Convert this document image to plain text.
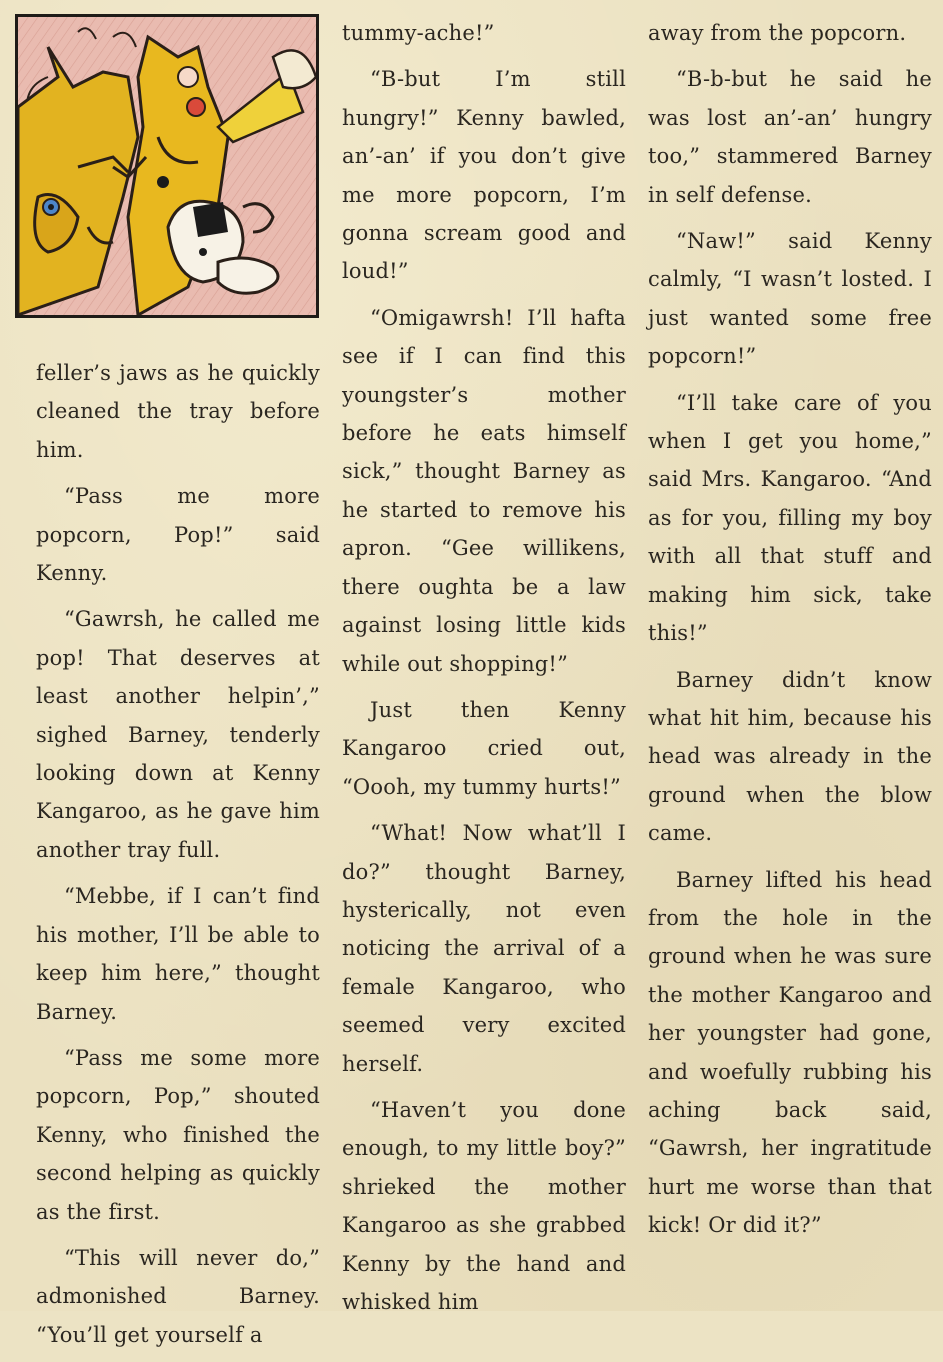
feller’s jaws as he quickly cleaned the tray before him.

“Pass me more popcorn, Pop!” said Kenny.

“Gawrsh, he called me pop! That deserves at least another helpin’,” sighed Barney, tenderly looking down at Kenny Kangaroo, as he gave him another tray full.

“Mebbe, if I can’t find his mother, I’ll be able to keep him here,” thought Barney.

“Pass me some more popcorn, Pop,” shouted Kenny, who finished the second helping as quickly as the first.

“This will never do,” admonished Barney. “You’ll get yourself a

tummy-ache!”

“B-but I’m still hungry!” Kenny bawled, an’-an’ if you don’t give me more popcorn, I’m gonna scream good and loud!”

“Omigawrsh! I’ll hafta see if I can find this youngster’s mother before he eats himself sick,” thought Barney as he started to remove his apron. “Gee willikens, there oughta be a law against losing little kids while out shopping!”

Just then Kenny Kangaroo cried out, “Oooh, my tummy hurts!”

“What! Now what’ll I do?” thought Barney, hysterically, not even noticing the arrival of a female Kangaroo, who seemed very excited herself.

“Haven’t you done enough, to my little boy?” shrieked the mother Kangaroo as she grabbed Kenny by the hand and whisked him

away from the popcorn.

“B-b-but he said he was lost an’-an’ hungry too,” stammered Barney in self defense.

“Naw!” said Kenny calmly, “I wasn’t losted. I just wanted some free popcorn!”

“I’ll take care of you when I get you home,” said Mrs. Kangaroo. “And as for you, filling my boy with all that stuff and making him sick, take this!”

Barney didn’t know what hit him, because his head was already in the ground when the blow came.

Barney lifted his head from the hole in the ground when he was sure the mother Kangaroo and her youngster had gone, and woefully rubbing his aching back said, “Gawrsh, her ingratitude hurt me worse than that kick! Or did it?”
